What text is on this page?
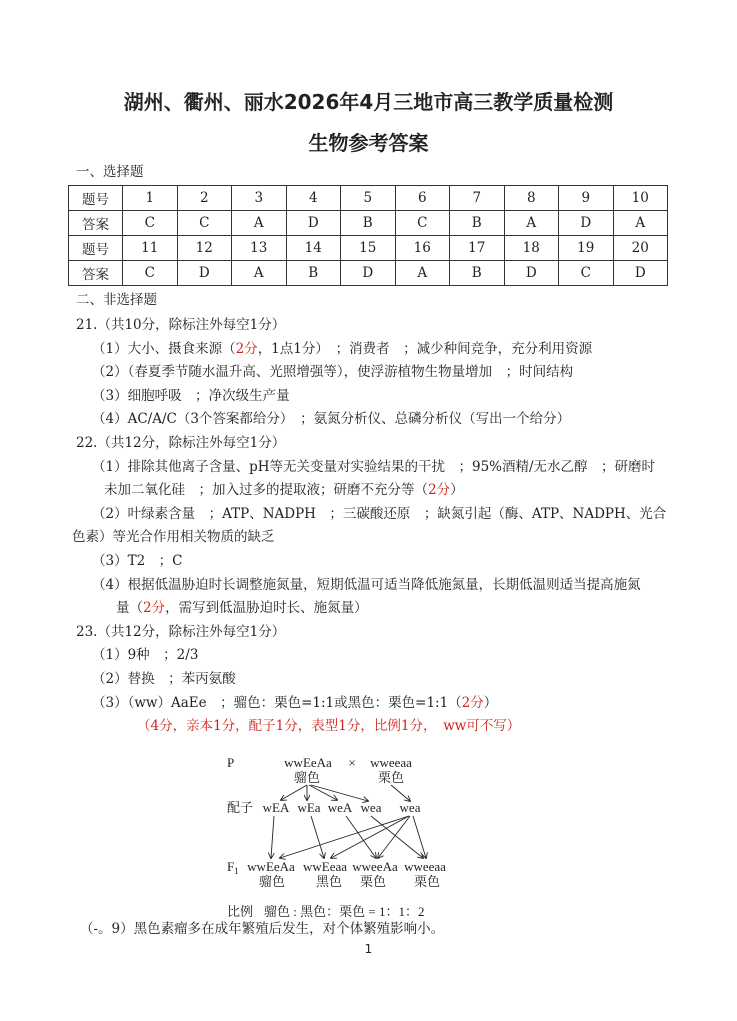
湖州、衢州、丽水2026年4月三地市高三教学质量检测
生物参考答案
一、选择题
题号	1	2	3	4	5	6	7	8	9	10
答案	C	C	A	D	B	C	B	A	D	A
题号	11	12	13	14	15	16	17	18	19	20
答案	C	D	A	B	D	A	B	D	C	D
二、非选择题
21.（共10分，除标注外每空1分）
（1）大小、摄食来源（2分，1点1分）　；消费者　；减少种间竞争，充分利用资源
（2）（春夏季节随水温升高、光照增强等），使浮游植物生物量增加　；时间结构
（3）细胞呼吸　；净次级生产量
（4）AC/A/C（3个答案都给分）　；氨氮分析仪、总磷分析仪（写出一个给分）
22.（共12分，除标注外每空1分）
（1）排除其他离子含量、pH等无关变量对实验结果的干扰　；95%酒精/无水乙醇　；研磨时
未加二氧化硅　；加入过多的提取液；研磨不充分等（2分）
（2）叶绿素含量　；ATP、NADPH　；三碳酸还原　；缺氮引起（酶、ATP、NADPH、光合
色素）等光合作用相关物质的缺乏
（3）T2　；C
（4）根据低温胁迫时长调整施氮量，短期低温可适当降低施氮量，长期低温则适当提高施氮
量（2分，需写到低温胁迫时长、施氮量）
23.（共12分，除标注外每空1分）
（1）9种　；2/3
（2）替换　；苯丙氨酸
（3）（ww）AaEe　；骝色：栗色=1:1或黑色：栗色=1:1（2分）
（4分，亲本1分，配子1分，表型1分，比例1分，　ww可不写）
P	wwEeAa × wweeaa
骝色	栗色
配子 wEA wEa weA wea wea
$F_1$ wwEeAa wwEeaa wweeAa wweeaa
骝色 黑色 栗色 栗色
比例 骝色 : 黑色：栗色 = 1：1：2
（-。9）黑色素瘤多在成年繁殖后发生，对个体繁殖影响小。
1
